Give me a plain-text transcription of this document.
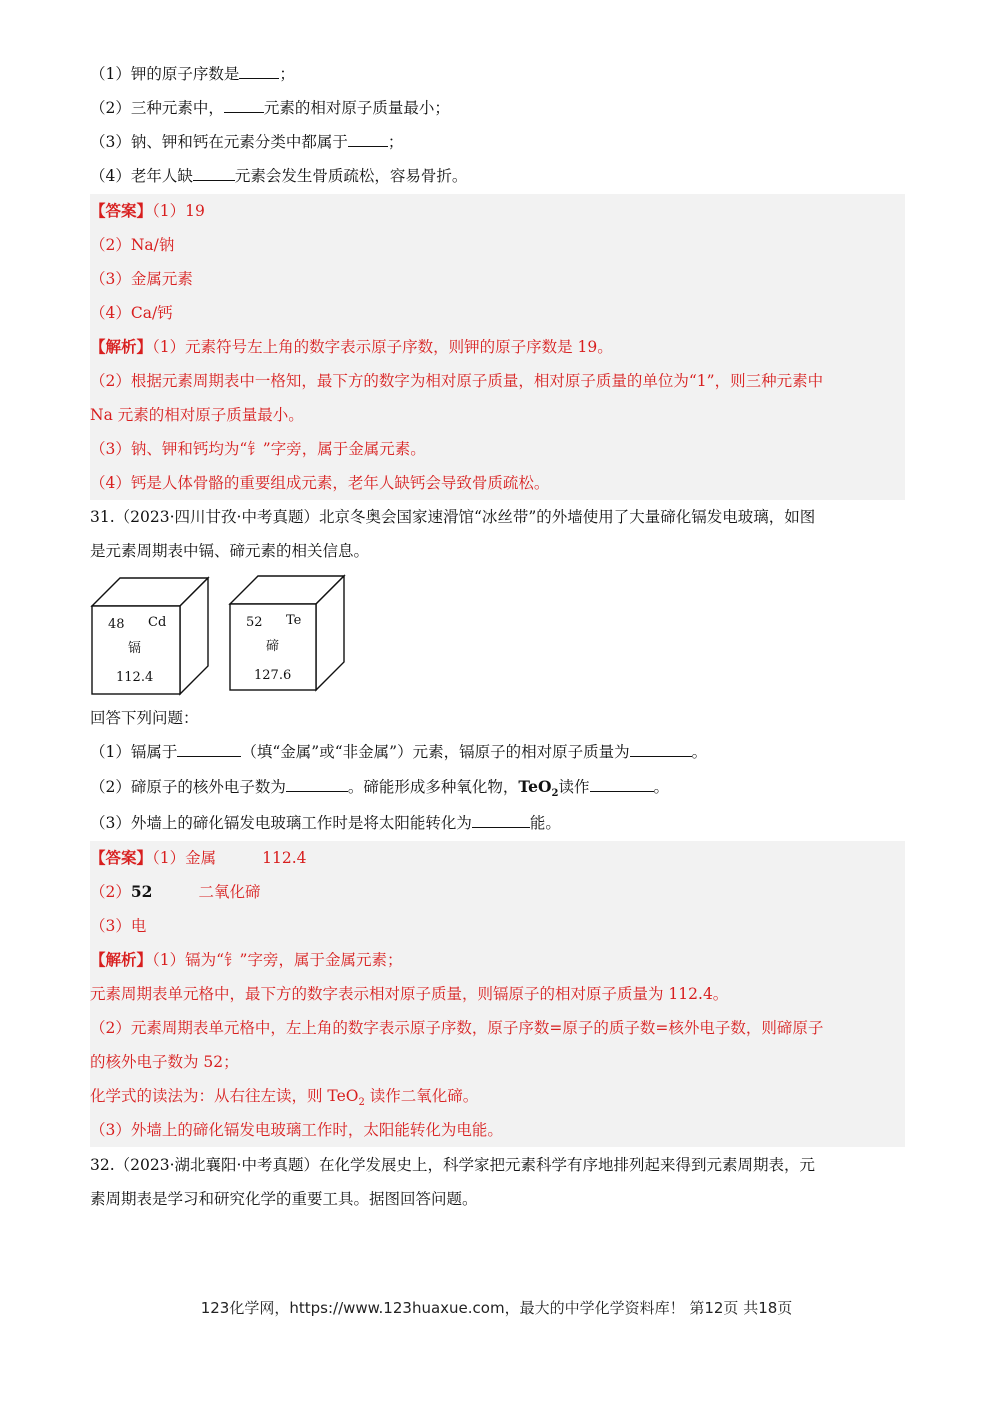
（1）钾的原子序数是	；
（2）三种元素中，	元素的相对原子质量最小；
（3）钠、钾和钙在元素分类中都属于	；
（4）老年人缺	元素会发生骨质疏松，容易骨折。
【答案】（1）19
（2）Na/钠
（3）金属元素
（4）Ca/钙
【解析】（1）元素符号左上角的数字表示原子序数，则钾的原子序数是 19。
（2）根据元素周期表中一格知，最下方的数字为相对原子质量，相对原子质量的单位为“1”，则三种元素中
Na 元素的相对原子质量最小。
（3）钠、钾和钙均为“钅”字旁，属于金属元素。
（4）钙是人体骨骼的重要组成元素，老年人缺钙会导致骨质疏松。
31.（2023·四川甘孜·中考真题）北京冬奥会国家速滑馆“冰丝带”的外墙使用了大量碲化镉发电玻璃，如图
是元素周期表中镉、碲元素的相关信息。
48 Cd
镉
112.4
52 Te
碲
127.6
回答下列问题：
（1）镉属于	（填“金属”或“非金属”）元素，镉原子的相对原子质量为	。
（2）碲原子的核外电子数为	。碲能形成多种氧化物，TeO$_2$读作	。
（3）外墙上的碲化镉发电玻璃工作时是将太阳能转化为	能。
【答案】（1）金属	112.4
（2）52	二氧化碲
（3）电
【解析】（1）镉为“钅”字旁，属于金属元素；
元素周期表单元格中，最下方的数字表示相对原子质量，则镉原子的相对原子质量为 112.4。
（2）元素周期表单元格中，左上角的数字表示原子序数，原子序数=原子的质子数=核外电子数，则碲原子
的核外电子数为 52；
化学式的读法为：从右往左读，则 TeO$_2$ 读作二氧化碲。
（3）外墙上的碲化镉发电玻璃工作时，太阳能转化为电能。
32.（2023·湖北襄阳·中考真题）在化学发展史上，科学家把元素科学有序地排列起来得到元素周期表，元
素周期表是学习和研究化学的重要工具。据图回答问题。
123化学网，https://www.123huaxue.com，最大的中学化学资料库！ 第12页 共18页
